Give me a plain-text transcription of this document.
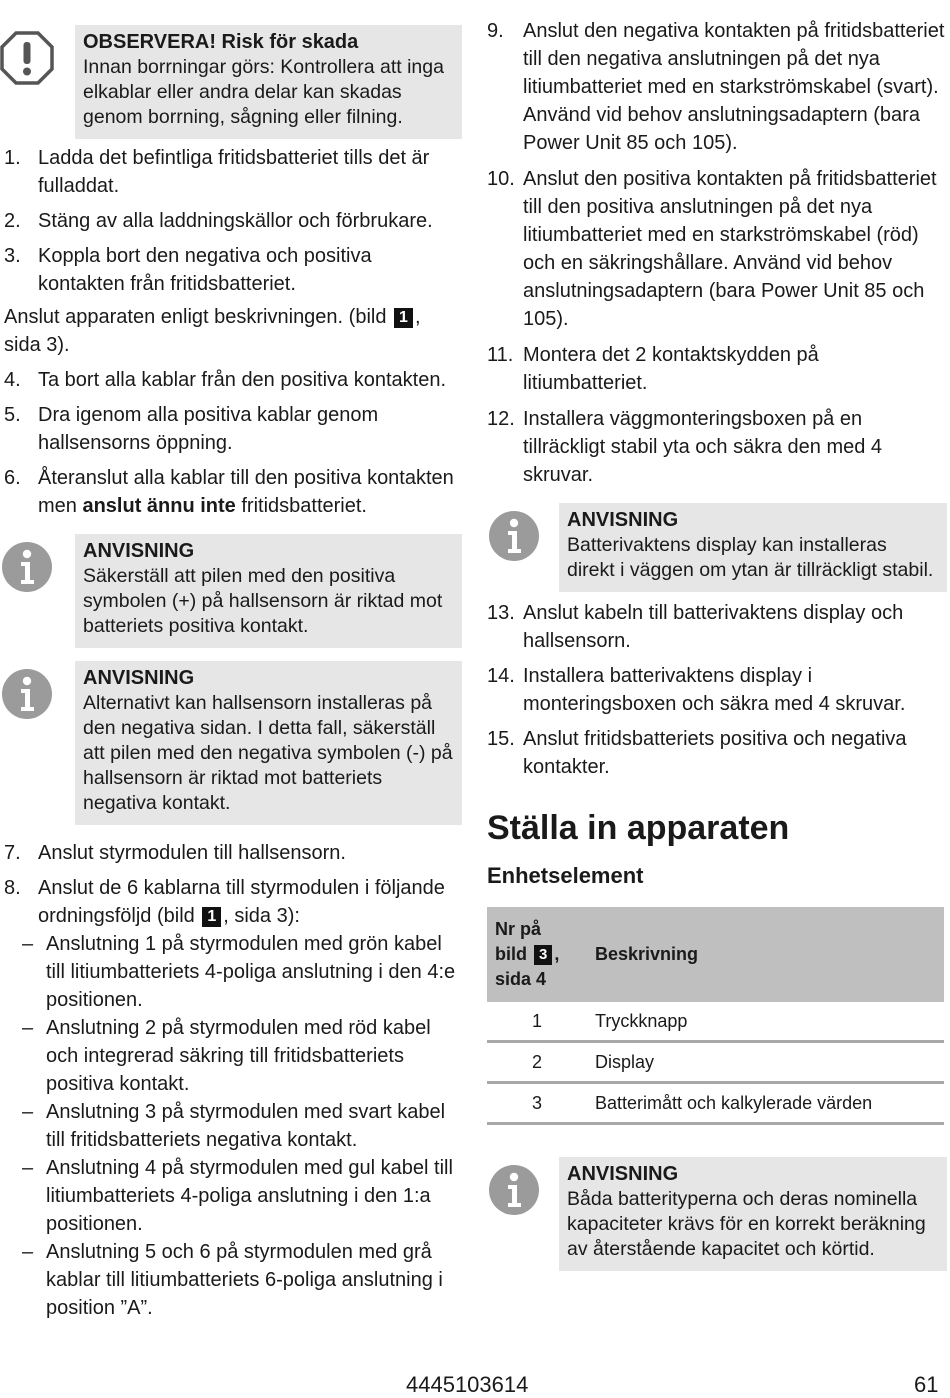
OBSERVERA! Risk för skada
Innan borrningar görs: Kontrollera att inga elkablar eller andra delar kan skadas genom borrning, sågning eller filning.
1. Ladda det befintliga fritidsbatteriet tills det är fulladdat.
2. Stäng av alla laddningskällor och förbrukare.
3. Koppla bort den negativa och positiva kontakten från fritidsbatteriet.
Anslut apparaten enligt beskrivningen. (bild 1 , sida 3).
4. Ta bort alla kablar från den positiva kontakten.
5. Dra igenom alla positiva kablar genom hallsensorns öppning.
6. Återanslut alla kablar till den positiva kontakten men anslut ännu inte fritidsbatteriet.
ANVISNING
Säkerställ att pilen med den positiva symbolen (+) på hallsensorn är riktad mot batteriets positiva kontakt.
ANVISNING
Alternativt kan hallsensorn installeras på den negativa sidan. I detta fall, säkerställ att pilen med den negativa symbolen (-) på hallsensorn är riktad mot batteriets negativa kontakt.
7. Anslut styrmodulen till hallsensorn.
8. Anslut de 6 kablarna till styrmodulen i följande ordningsföljd (bild 1 , sida 3):
– Anslutning 1 på styrmodulen med grön kabel till litiumbatteriets 4-poliga anslutning i den 4:e positionen.
– Anslutning 2 på styrmodulen med röd kabel och integrerad säkring till fritidsbatteriets positiva kontakt.
– Anslutning 3 på styrmodulen med svart kabel till fritidsbatteriets negativa kontakt.
– Anslutning 4 på styrmodulen med gul kabel till litiumbatteriets 4-poliga anslutning i den 1:a positionen.
– Anslutning 5 och 6 på styrmodulen med grå kablar till litiumbatteriets 6-poliga anslutning i position ”A”.
9. Anslut den negativa kontakten på fritidsbatteriet till den negativa anslutningen på det nya litiumbatteriet med en starkströmskabel (svart). Använd vid behov anslutningsadaptern (bara Power Unit 85 och 105).
10. Anslut den positiva kontakten på fritidsbatteriet till den positiva anslutningen på det nya litiumbatteriet med en starkströmskabel (röd) och en säkringshållare. Använd vid behov anslutningsadaptern (bara Power Unit 85 och 105).
11. Montera det 2 kontaktskydden på litiumbatteriet.
12. Installera väggmonteringsboxen på en tillräckligt stabil yta och säkra den med 4 skruvar.
ANVISNING
Batterivaktens display kan installeras direkt i väggen om ytan är tillräckligt stabil.
13. Anslut kabeln till batterivaktens display och hallsensorn.
14. Installera batterivaktens display i monteringsboxen och säkra med 4 skruvar.
15. Anslut fritidsbatteriets positiva och negativa kontakter.
Ställa in apparaten
Enhetselement
Nr på
bild 3 ,
sida 4	Beskrivning
1	Tryckknapp
2	Display
3	Batterimått och kalkylerade värden
ANVISNING
Båda batterityperna och deras nominella kapaciteter krävs för en korrekt beräkning av återstående kapacitet och körtid.
4445103614	61
